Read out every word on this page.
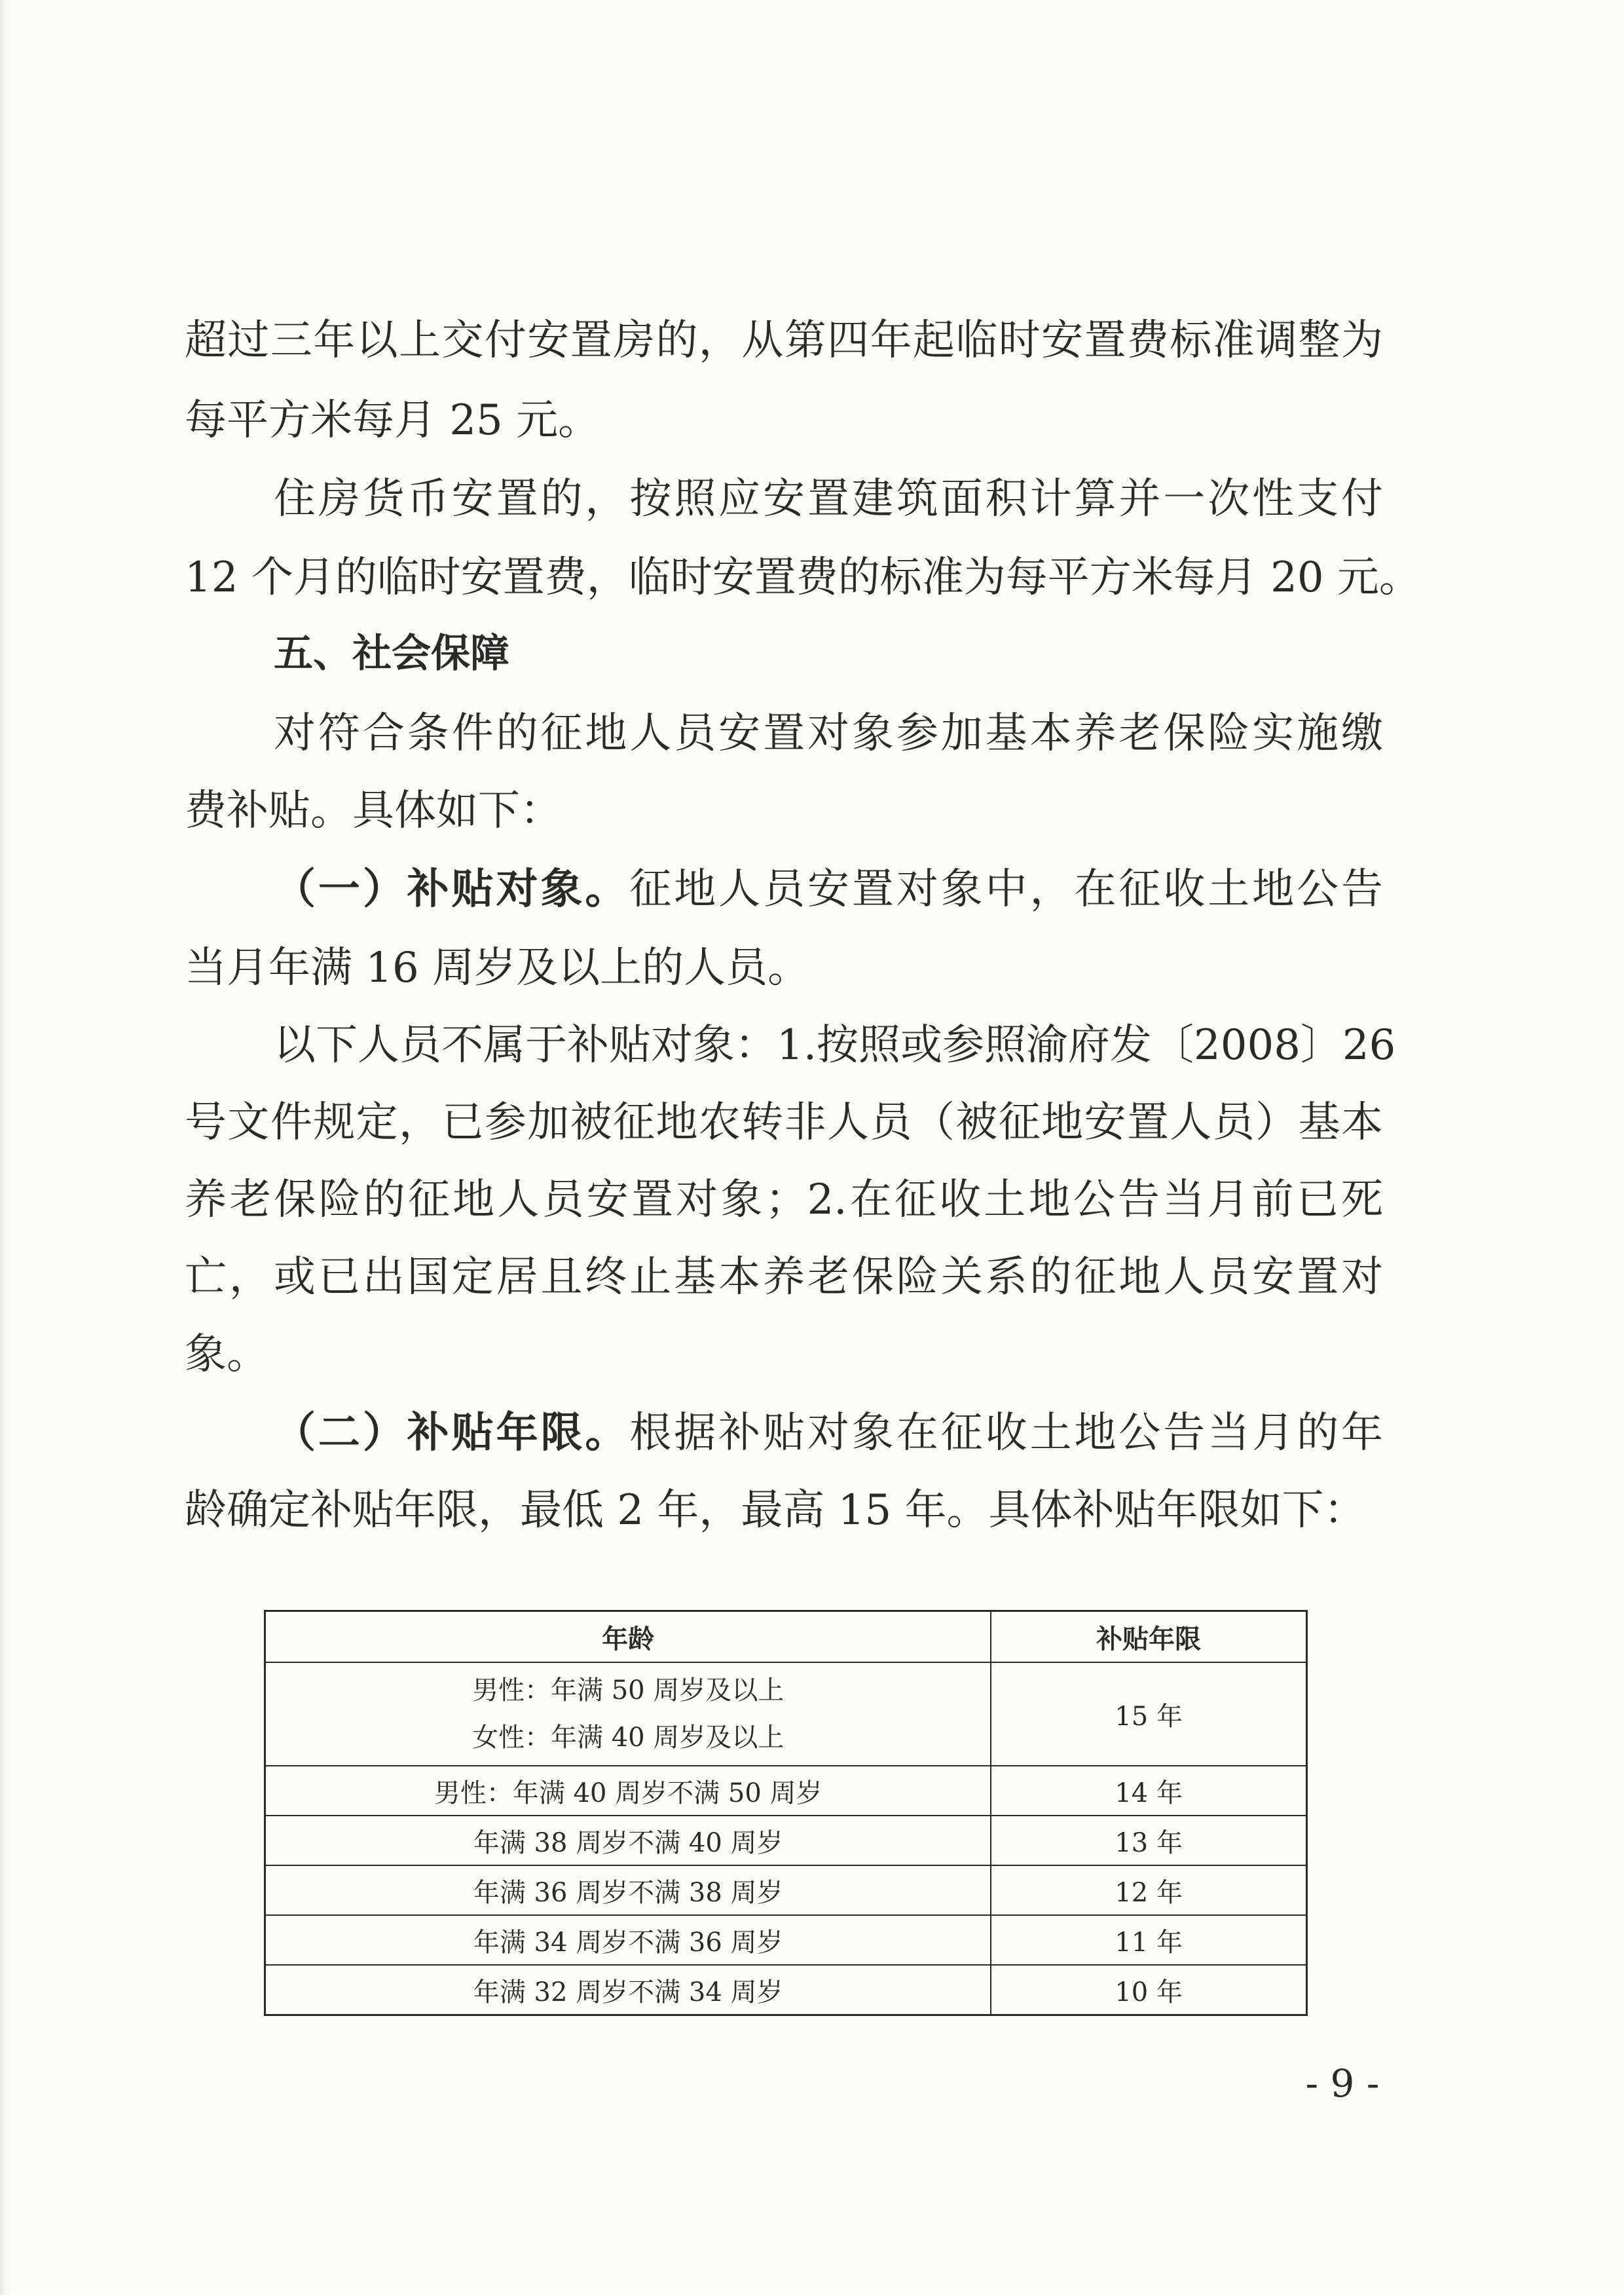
超过三年以上交付安置房的，从第四年起临时安置费标准调整为
每平方米每月 25 元。
住房货币安置的，按照应安置建筑面积计算并一次性支付
12 个月的临时安置费，临时安置费的标准为每平方米每月 20 元。
五、社会保障
对符合条件的征地人员安置对象参加基本养老保险实施缴
费补贴。具体如下：
（一）补贴对象。征地人员安置对象中，在征收土地公告
当月年满 16 周岁及以上的人员。
以下人员不属于补贴对象：1.按照或参照渝府发〔2008〕26
号文件规定，已参加被征地农转非人员（被征地安置人员）基本
养老保险的征地人员安置对象；2.在征收土地公告当月前已死
亡，或已出国定居且终止基本养老保险关系的征地人员安置对
象。
（二）补贴年限。根据补贴对象在征收土地公告当月的年
龄确定补贴年限，最低 2 年，最高 15 年。具体补贴年限如下：
年龄	补贴年限

男性：年满 50 周岁及以上
女性：年满 40 周岁及以上	15 年
男性：年满 40 周岁不满 50 周岁	14 年
年满 38 周岁不满 40 周岁	13 年
年满 36 周岁不满 38 周岁	12 年
年满 34 周岁不满 36 周岁	11 年
年满 32 周岁不满 34 周岁	10 年
- 9 -
